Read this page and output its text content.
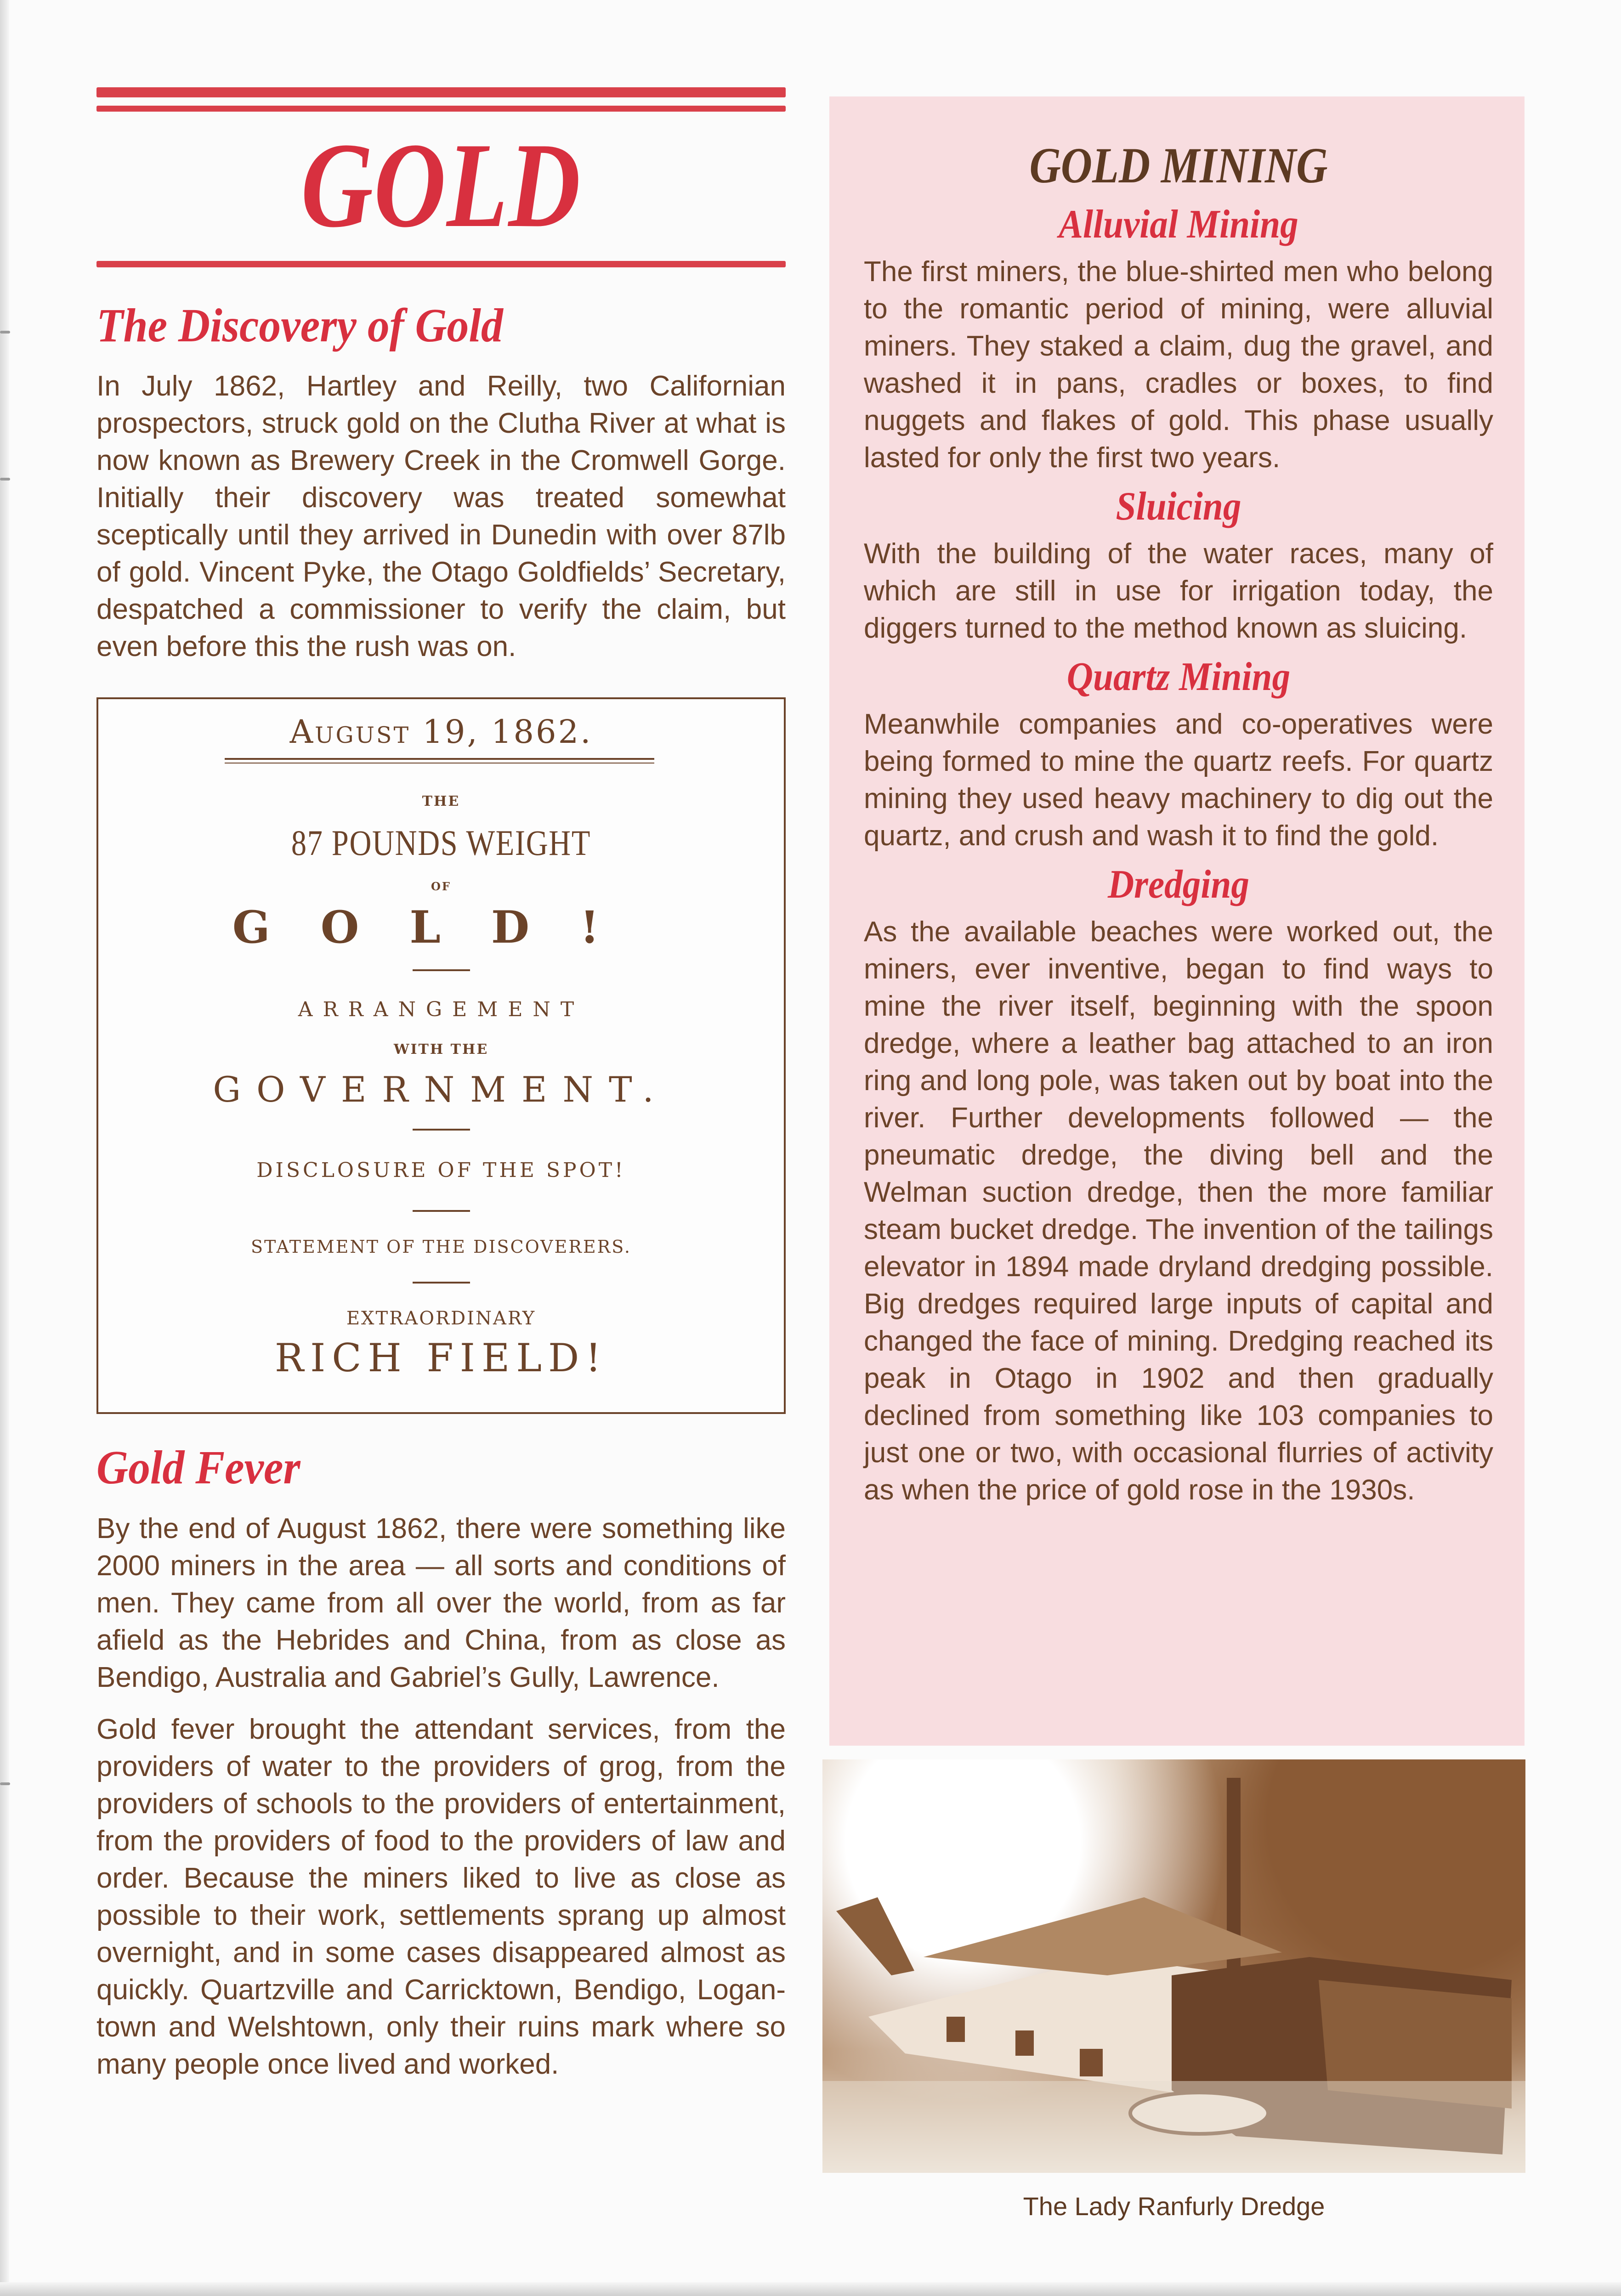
GOLD
The Discovery of Gold

In July 1862, Hartley and Reilly, two Californian prospectors, struck gold on the Clutha River at what is now known as Brewery Creek in the Cromwell Gorge. Initially their discovery was treated somewhat sceptically until they arrived in Dunedin with over 87lb of gold. Vincent Pyke, the Otago Goldfields’ Secretary, despatched a commissioner to verify the claim, but even before this the rush was on.

August 19, 1862.
THE
87 POUNDS WEIGHT
OF
GOLD!
ARRANGEMENT
WITH THE
GOVERNMENT.
DISCLOSURE OF THE SPOT!
STATEMENT OF THE DISCOVERERS.
EXTRAORDINARY
RICH FIELD!
Gold Fever

By the end of August 1862, there were something like 2000 miners in the area — all sorts and conditions of men. They came from all over the world, from as far afield as the Hebrides and China, from as close as Bendigo, Australia and Gabriel’s Gully, Lawrence.

Gold fever brought the attendant services, from the providers of water to the providers of grog, from the providers of schools to the providers of entertainment, from the providers of food to the providers of law and order. Because the miners liked to live as close as possible to their work, settlements sprang up almost overnight, and in some cases disappeared almost as quickly. Quartzville and Carricktown, Bendigo, Logantown and Welshtown, only their ruins mark where so many people once lived and worked.

GOLD MINING
Alluvial Mining

The first miners, the blue-shirted men who belong to the romantic period of mining, were alluvial miners. They staked a claim, dug the gravel, and washed it in pans, cradles or boxes, to find nuggets and flakes of gold. This phase usually lasted for only the first two years.

Sluicing

With the building of the water races, many of which are still in use for irrigation today, the diggers turned to the method known as sluicing.

Quartz Mining

Meanwhile companies and co-operatives were being formed to mine the quartz reefs. For quartz mining they used heavy machinery to dig out the quartz, and crush and wash it to find the gold.

Dredging

As the available beaches were worked out, the miners, ever inventive, began to find ways to mine the river itself, beginning with the spoon dredge, where a leather bag attached to an iron ring and long pole, was taken out by boat into the river. Further developments followed — the pneumatic dredge, the diving bell and the Welman suction dredge, then the more familiar steam bucket dredge. The invention of the tailings elevator in 1894 made dryland dredging possible. Big dredges required large inputs of capital and changed the face of mining. Dredging reached its peak in Otago in 1902 and then gradually declined from something like 103 companies to just one or two, with occasional flurries of activity as when the price of gold rose in the 1930s.

The Lady Ranfurly Dredge
